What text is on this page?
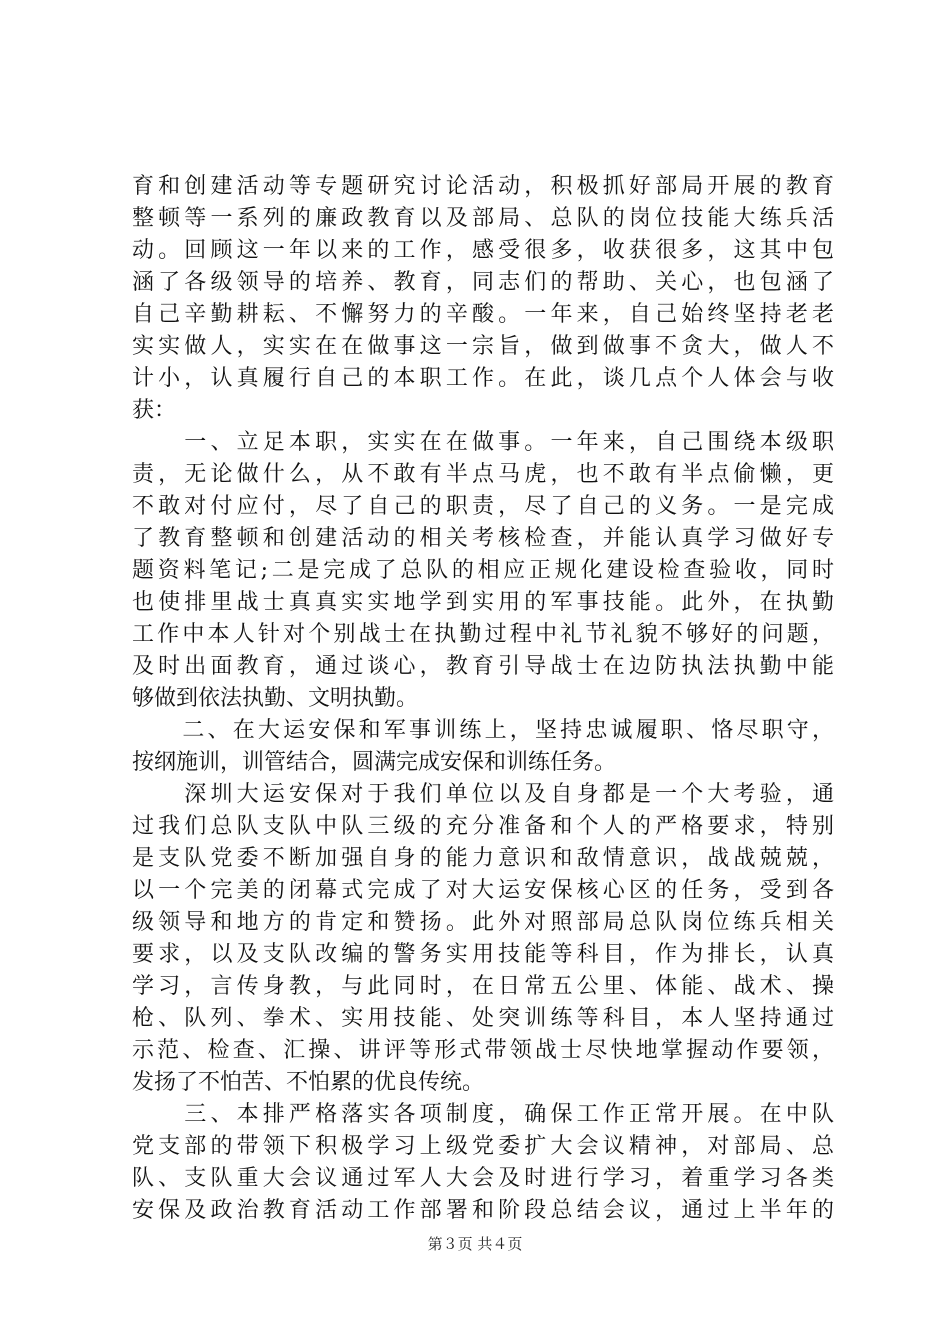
育和创建活动等专题研究讨论活动，积极抓好部局开展的教育
整顿等一系列的廉政教育以及部局、总队的岗位技能大练兵活
动。回顾这一年以来的工作，感受很多，收获很多，这其中包
涵了各级领导的培养、教育，同志们的帮助、关心，也包涵了
自己辛勤耕耘、不懈努力的辛酸。一年来，自己始终坚持老老
实实做人，实实在在做事这一宗旨，做到做事不贪大，做人不
计小，认真履行自己的本职工作。在此，谈几点个人体会与收
获：
　　一、立足本职，实实在在做事。一年来，自己围绕本级职
责，无论做什么，从不敢有半点马虎，也不敢有半点偷懒，更
不敢对付应付，尽了自己的职责，尽了自己的义务。一是完成
了教育整顿和创建活动的相关考核检查，并能认真学习做好专
题资料笔记;二是完成了总队的相应正规化建设检查验收，同时
也使排里战士真真实实地学到实用的军事技能。此外，在执勤
工作中本人针对个别战士在执勤过程中礼节礼貌不够好的问题，
及时出面教育，通过谈心，教育引导战士在边防执法执勤中能
够做到依法执勤、文明执勤。
　　二、在大运安保和军事训练上，坚持忠诚履职、恪尽职守，
按纲施训，训管结合，圆满完成安保和训练任务。
　　深圳大运安保对于我们单位以及自身都是一个大考验，通
过我们总队支队中队三级的充分准备和个人的严格要求，特别
是支队党委不断加强自身的能力意识和敌情意识，战战兢兢，
以一个完美的闭幕式完成了对大运安保核心区的任务，受到各
级领导和地方的肯定和赞扬。此外对照部局总队岗位练兵相关
要求，以及支队改编的警务实用技能等科目，作为排长，认真
学习，言传身教，与此同时，在日常五公里、体能、战术、操
枪、队列、拳术、实用技能、处突训练等科目，本人坚持通过
示范、检查、汇操、讲评等形式带领战士尽快地掌握动作要领，
发扬了不怕苦、不怕累的优良传统。
　　三、本排严格落实各项制度，确保工作正常开展。在中队
党支部的带领下积极学习上级党委扩大会议精神，对部局、总
队、支队重大会议通过军人大会及时进行学习，着重学习各类
安保及政治教育活动工作部署和阶段总结会议，通过上半年的
第３页 共４页
